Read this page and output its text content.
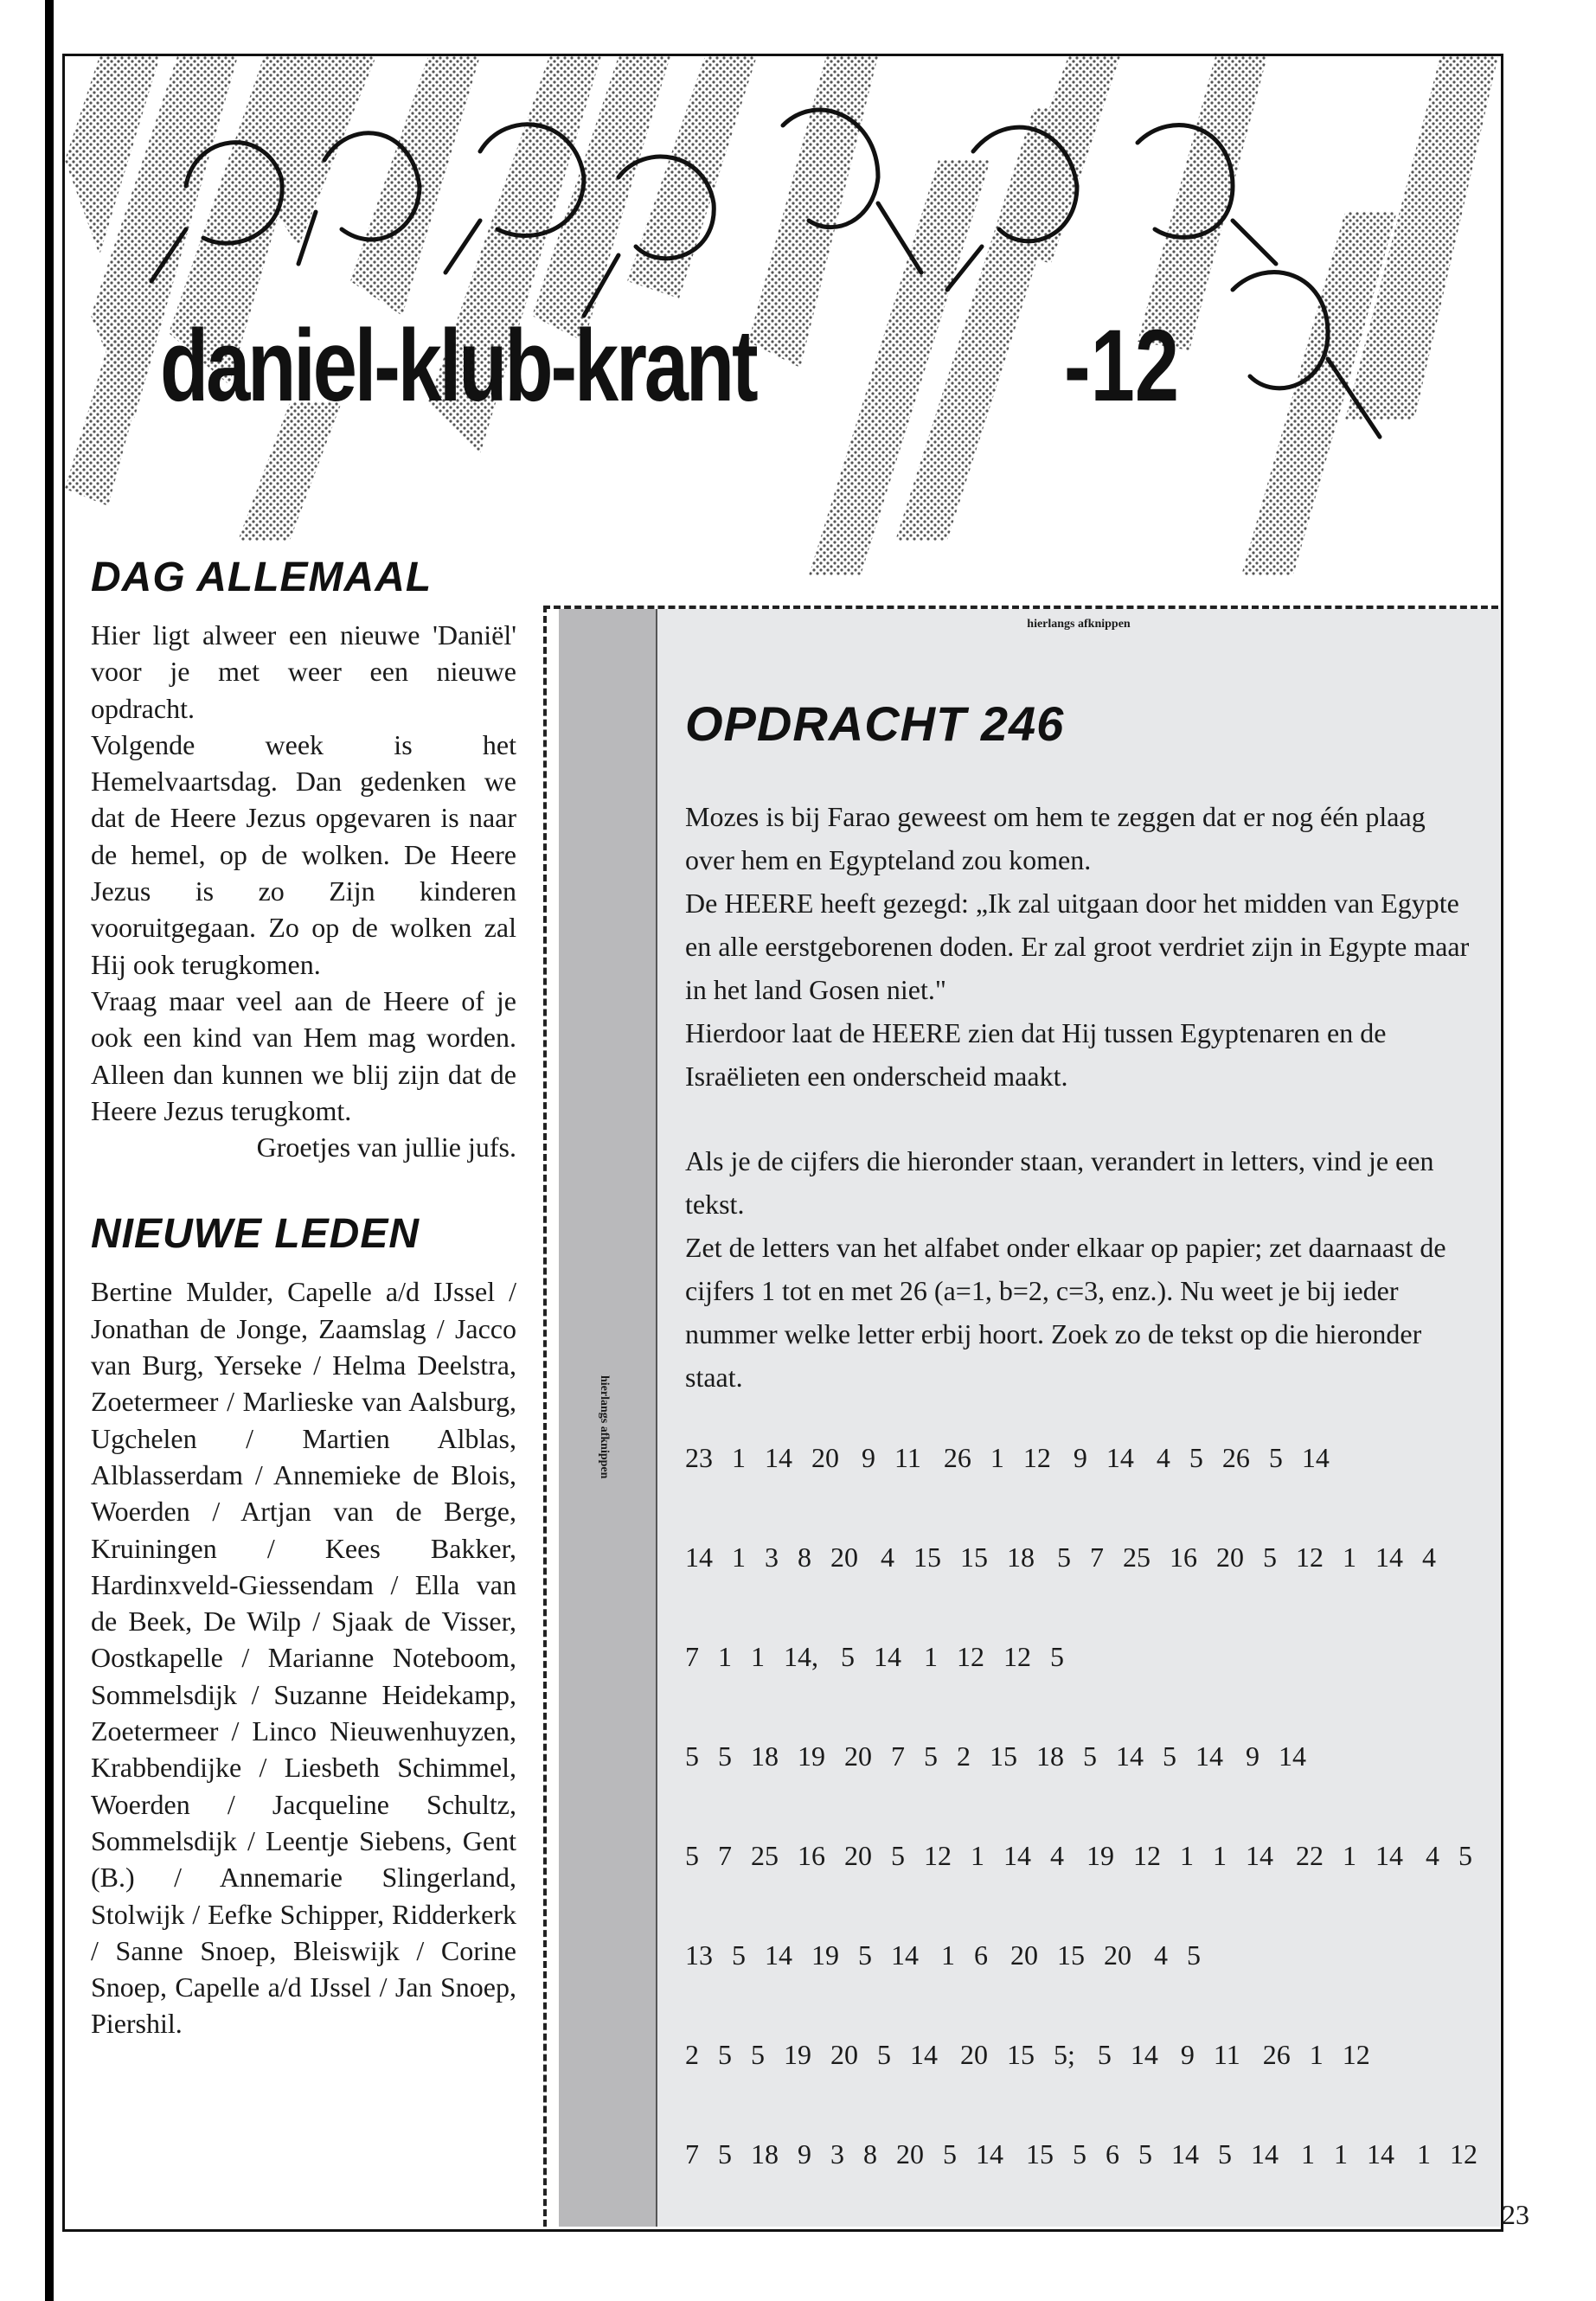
daniel-klub-krant	-12
DAG ALLEMAAL

Hier ligt alweer een nieuwe 'Daniël' voor je met weer een nieuwe opdracht.

Volgende week is het Hemelvaartsdag. Dan gedenken we dat de Heere Jezus opgevaren is naar de hemel, op de wolken. De Heere Jezus is zo Zijn kinderen vooruitgegaan. Zo op de wolken zal Hij ook terugkomen.

Vraag maar veel aan de Heere of je ook een kind van Hem mag worden. Alleen dan kunnen we blij zijn dat de Heere Jezus terugkomt.

Groetjes van jullie jufs.

NIEUWE LEDEN

Bertine Mulder, Capelle a/d IJssel / Jonathan de Jonge, Zaamslag / Jacco van Burg, Yerseke / Helma Deelstra, Zoetermeer / Marlieske van Aalsburg, Ugchelen / Martien Alblas, Alblasserdam / Annemieke de Blois, Woerden / Artjan van de Berge, Kruiningen / Kees Bakker, Hardinxveld-Giessendam / Ella van de Beek, De Wilp / Sjaak de Visser, Oostkapelle / Marianne Noteboom, Sommelsdijk / Suzanne Heidekamp, Zoetermeer / Linco Nieuwenhuyzen, Krabbendijke / Liesbeth Schimmel, Woerden / Jacqueline Schultz, Sommelsdijk / Leentje Siebens, Gent (B.) / Annemarie Slingerland, Stolwijk / Eefke Schipper, Ridderkerk / Sanne Snoep, Bleiswijk / Corine Snoep, Capelle a/d IJssel / Jan Snoep, Piershil.

hierlangs afknippen
hierlangs afknippen
OPDRACHT 246

Mozes is bij Farao geweest om hem te zeggen dat er nog één plaag over hem en Egypteland zou komen.

De HEERE heeft gezegd: „Ik zal uitgaan door het midden van Egypte en alle eerstgeborenen doden. Er zal groot verdriet zijn in Egypte maar in het land Gosen niet."

Hierdoor laat de HEERE zien dat Hij tussen Egyptenaren en de Israëlieten een onderscheid maakt.

Als je de cijfers die hieronder staan, verandert in letters, vind je een tekst.

Zet de letters van het alfabet onder elkaar op papier; zet daarnaast de cijfers 1 tot en met 26 (a=1, b=2, c=3, enz.). Nu weet je bij ieder nummer welke letter erbij hoort. Zoek zo de tekst op die hieronder staat.

23 1 14 20 9 11 26 1 12 9 14 4 5 26 5 14
14 1 3 8 20 4 15 15 18 5 7 25 16 20 5 12 1 14 4
7 1 1 14, 5 14 1 12 12 5
5 5 18 19 20 7 5 2 15 18 5 14 5 14 9 14
5 7 25 16 20 5 12 1 14 4 19 12 1 1 14 22 1 14 4 5
13 5 14 19 5 14 1 6 20 15 20 4 5
2 5 5 19 20 5 14 20 15 5; 5 14 9 11 26 1 12
7 5 18 9 3 8 20 5 14 15 5 6 5 14 5 14 1 1 14 1 12
23
